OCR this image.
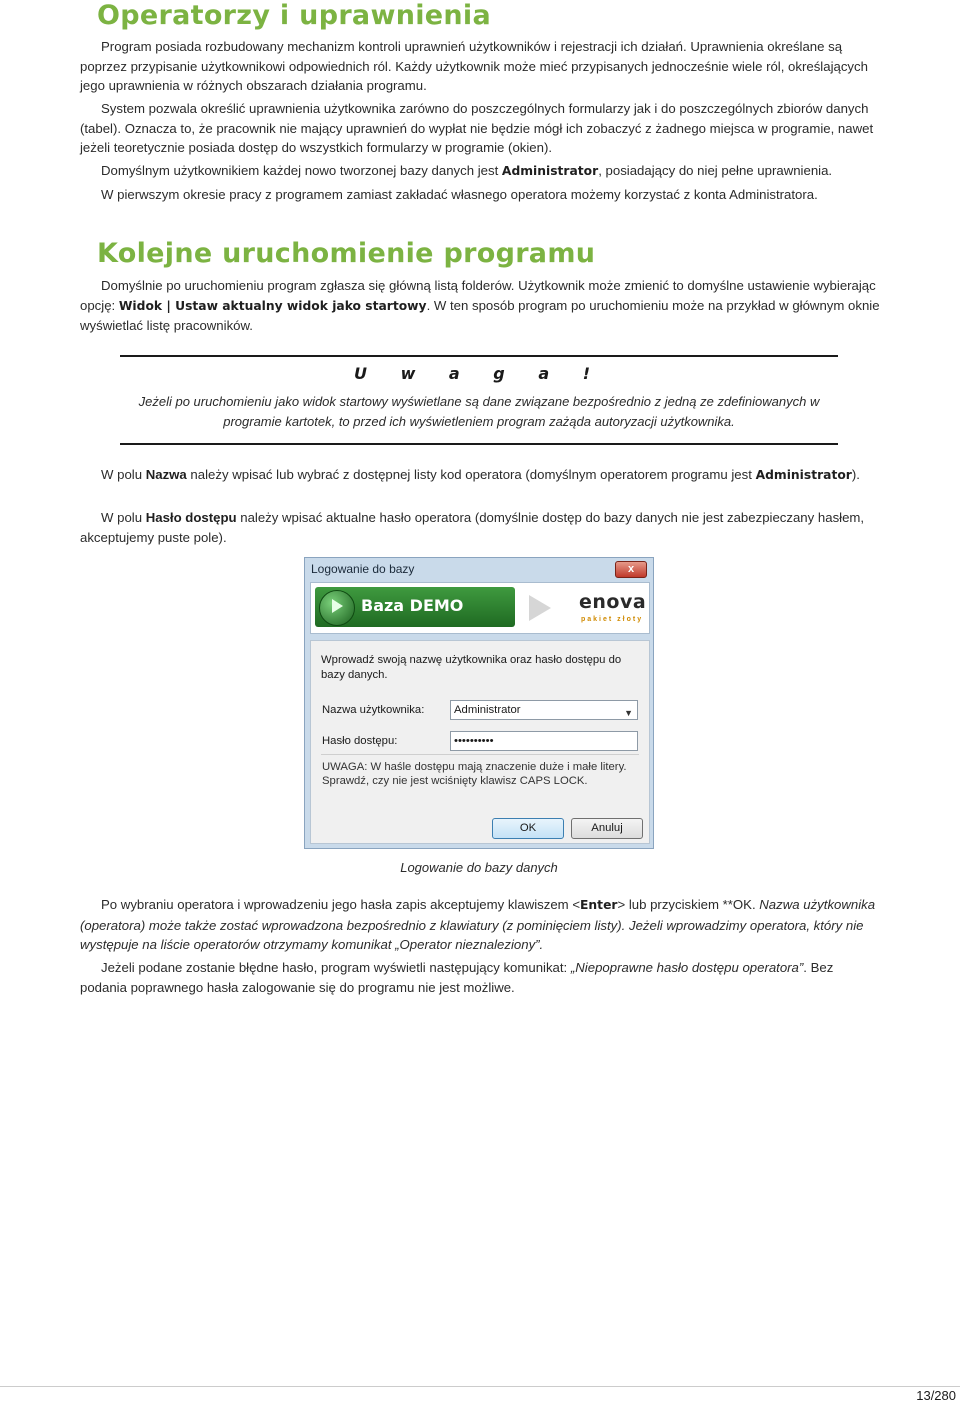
Operatorzy i uprawnienia

Program posiada rozbudowany mechanizm kontroli uprawnień użytkowników i rejestracji ich działań. Uprawnienia określane są poprzez przypisanie użytkownikowi odpowiednich ról. Każdy użytkownik może mieć przypisanych jednocześnie wiele ról, określających jego uprawnienia w różnych obszarach działania programu.

System pozwala określić uprawnienia użytkownika zarówno do poszczególnych formularzy jak i do poszczególnych zbiorów danych (tabel). Oznacza to, że pracownik nie mający uprawnień do wypłat nie będzie mógł ich zobaczyć z żadnego miejsca w programie, nawet jeżeli teoretycznie posiada dostęp do wszystkich formularzy w programie (okien).

Domyślnym użytkownikiem każdej nowo tworzonej bazy danych jest Administrator, posiadający do niej pełne uprawnienia.

W pierwszym okresie pracy z programem zamiast zakładać własnego operatora możemy korzystać z konta Administratora.

Kolejne uruchomienie programu

Domyślnie po uruchomieniu program zgłasza się główną listą folderów. Użytkownik może zmienić to domyślne ustawienie wybierając opcję: Widok | Ustaw aktualny widok jako startowy. W ten sposób program po uruchomieniu może na przykład w głównym oknie wyświetlać listę pracowników.

U w a g a !
Jeżeli po uruchomieniu jako widok startowy wyświetlane są dane związane bezpośrednio z jedną ze zdefiniowanych w programie kartotek, to przed ich wyświetleniem program zażąda autoryzacji użytkownika.

W polu Nazwa należy wpisać lub wybrać z dostępnej listy kod operatora (domyślnym operatorem programu jest Administrator).

W polu Hasło dostępu należy wpisać aktualne hasło operatora (domyślnie dostęp do bazy danych nie jest zabezpieczany hasłem, akceptujemy puste pole).

Logowanie do bazy	x
Baza DEMO	enova
pakiet złoty
Wprowadź swoją nazwę użytkownika oraz hasło dostępu do bazy danych.
Nazwa użytkownika:	Administrator	▼
Hasło dostępu:	••••••••••
UWAGA: W haśle dostępu mają znaczenie duże i małe litery. Sprawdź, czy nie jest wciśnięty klawisz CAPS LOCK.
OK	Anuluj
Logowanie do bazy danych

Po wybraniu operatora i wprowadzeniu jego hasła zapis akceptujemy klawiszem <Enter> lub przyciskiem **OK. Nazwa użytkownika (operatora) może także zostać wprowadzona bezpośrednio z klawiatury (z pominięciem listy). Jeżeli wprowadzimy operatora, który nie występuje na liście operatorów otrzymamy komunikat „Operator nieznaleziony”.

Jeżeli podane zostanie błędne hasło, program wyświetli następujący komunikat: „Niepoprawne hasło dostępu operatora”. Bez podania poprawnego hasła zalogowanie się do programu nie jest możliwe.

13/280
